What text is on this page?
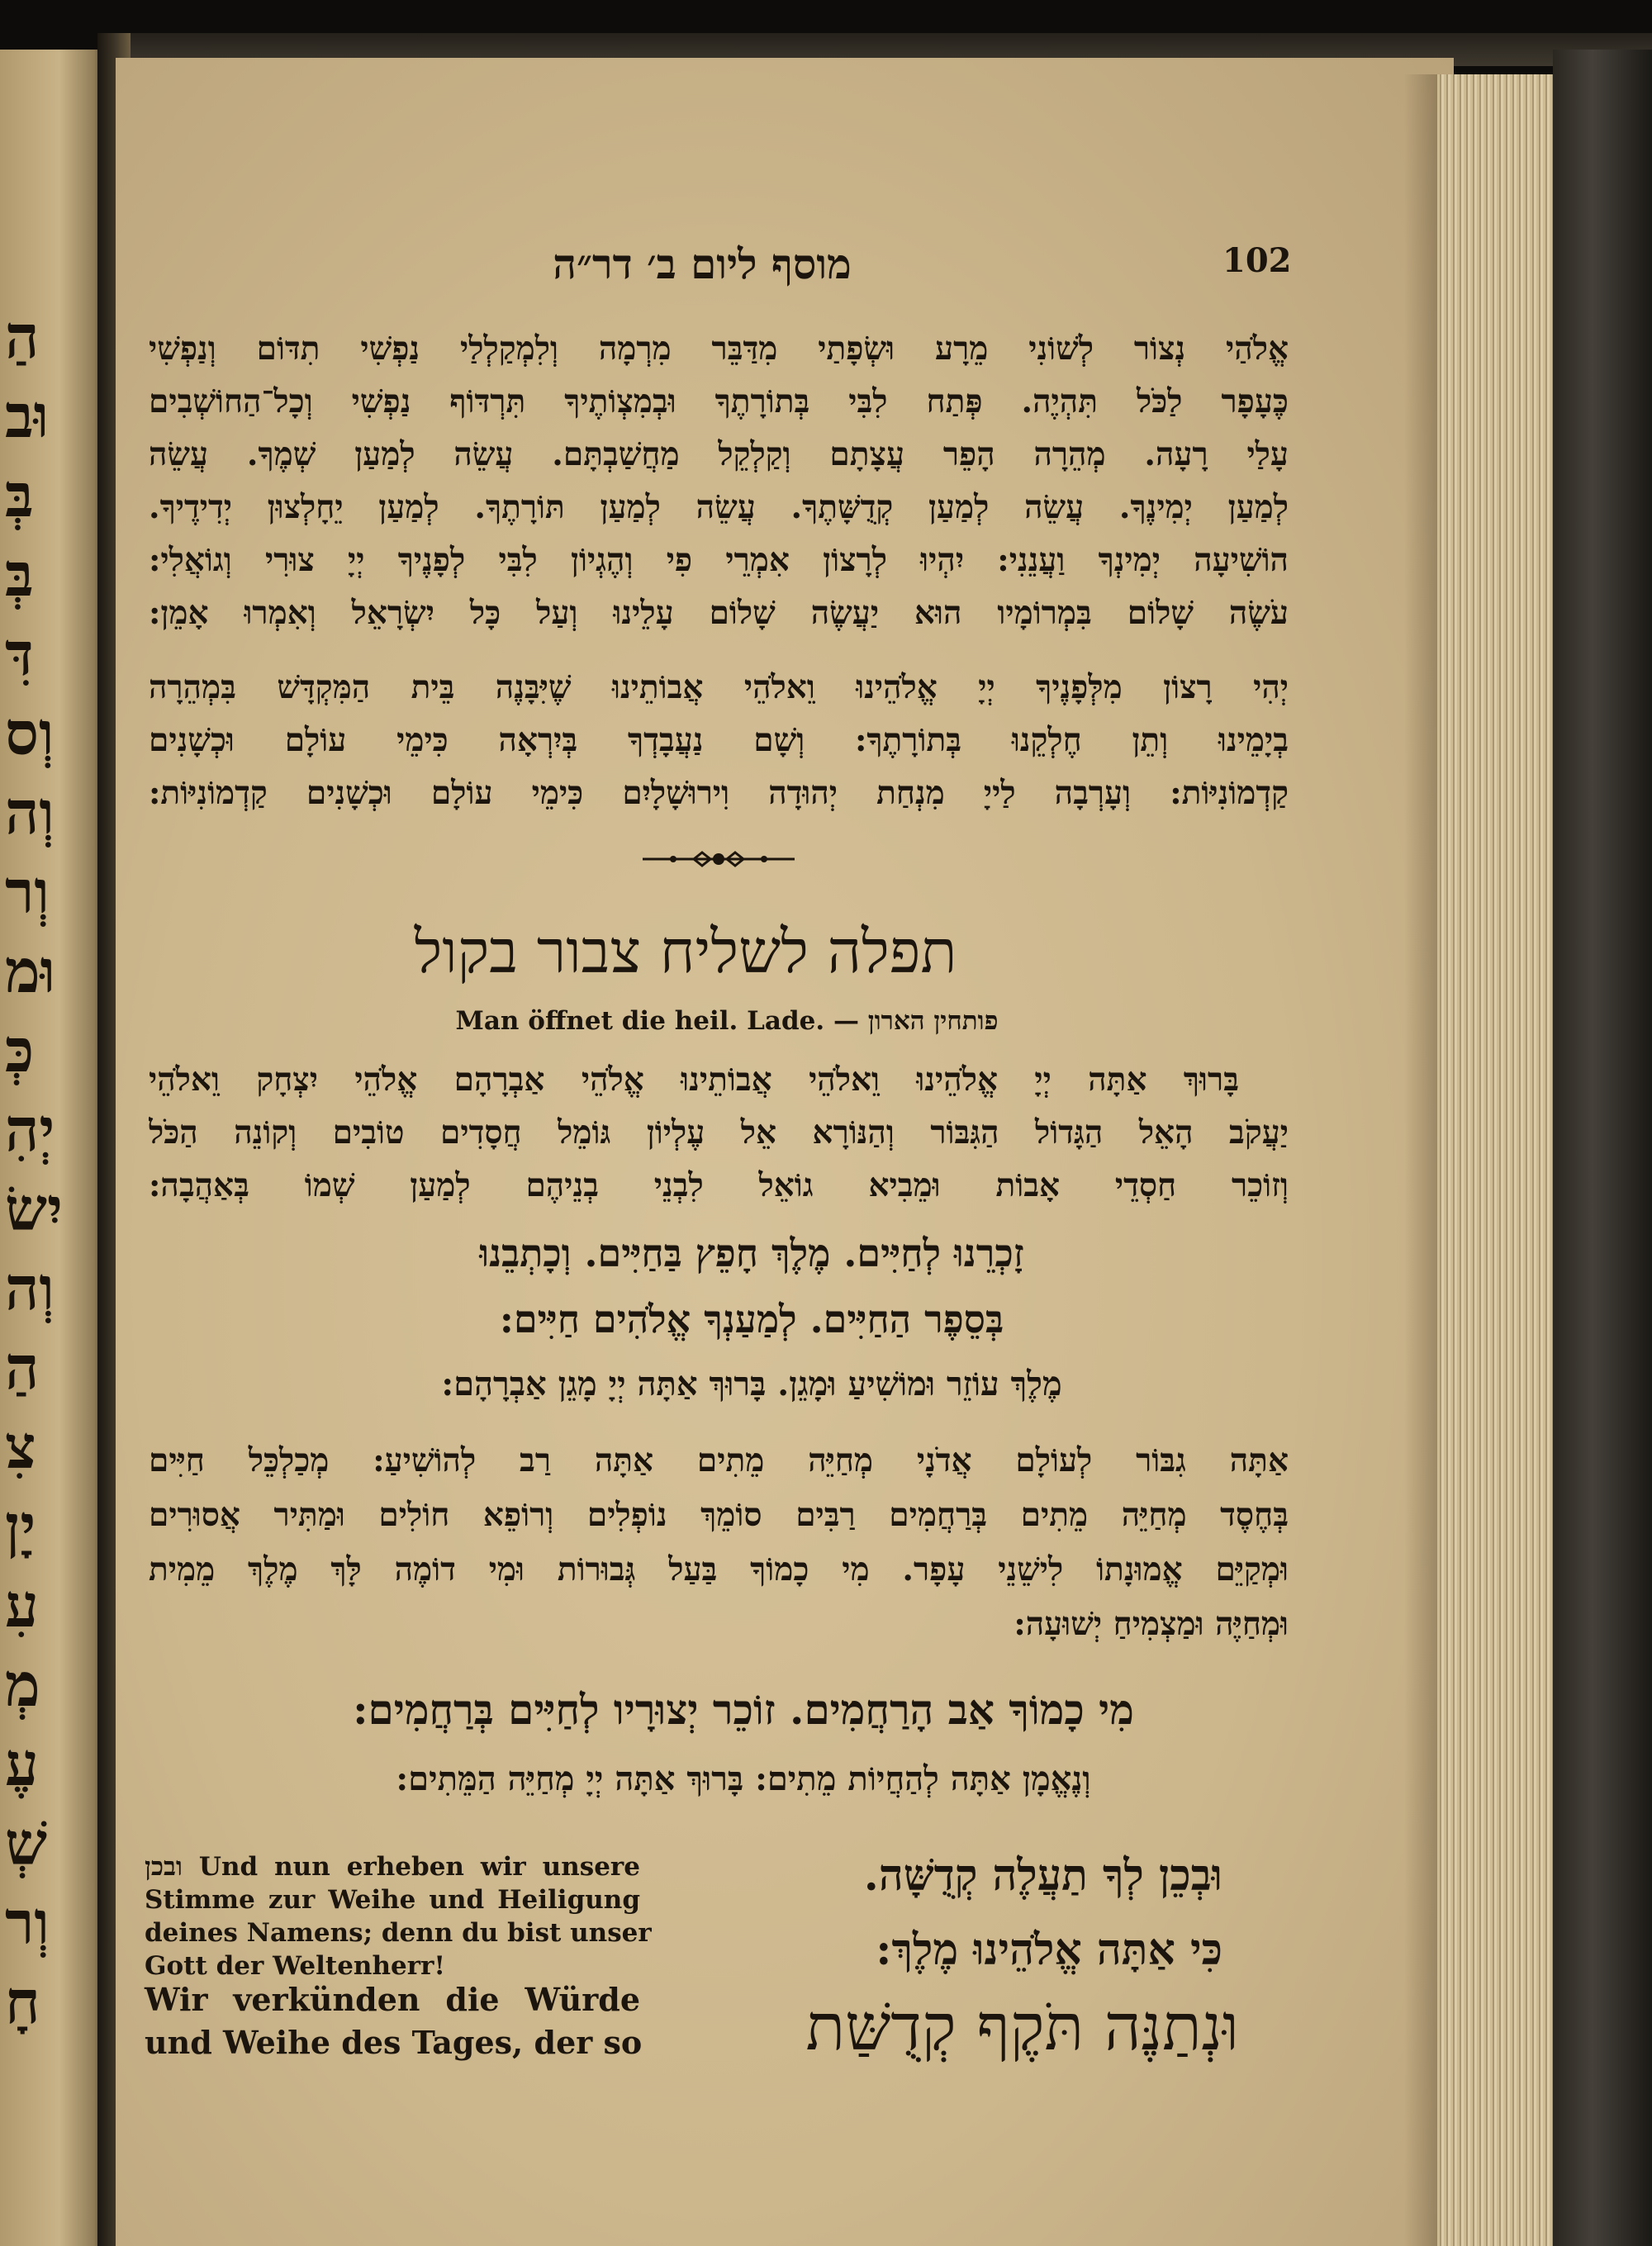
הַ
וּב
בְּ
בְּ
דִּ
וְס
וְה
וְר
וּמ
כְּ
יְהִ
יִשׂ
וְה
הַ
צִ
יָן
עִ
מְ
עֶ
שְׁ
וְר
חָ
102
מוסף ליום ב׳ דר״ה
אֱלֹהַי נְצוֹר לְשׁוֹנִי מֵרָע וּשְׂפָתַי מִדַּבֵּר מִרְמָה וְלִמְקַלְלַי נַפְשִׁי תִדּוֹם וְנַפְשִׁי
כֶּעָפָר לַכֹּל תִּהְיֶה. פְּתַח לִבִּי בְּתוֹרָתֶךָ וּבְמִצְוֹתֶיךָ תִּרְדּוֹף נַפְשִׁי וְכָל־הַחוֹשְׁבִים
עָלַי רָעָה. מְהֵרָה הָפֵר עֲצָתָם וְקַלְקֵל מַחֲשַׁבְתָּם. עֲשֵׂה לְמַעַן שְׁמֶךָ. עֲשֵׂה
לְמַעַן יְמִינֶךָ. עֲשֵׂה לְמַעַן קְדֻשָּׁתֶךָ. עֲשֵׂה לְמַעַן תּוֹרָתֶךָ. לְמַעַן יֵחָלְצוּן יְדִידֶיךָ.
הוֹשִׁיעָה יְמִינְךָ וַעֲנֵנִי: יִהְיוּ לְרָצוֹן אִמְרֵי פִי וְהֶגְיוֹן לִבִּי לְפָנֶיךָ יְיָ צוּרִי וְגוֹאֲלִי:
עֹשֶׂה שָׁלוֹם בִּמְרוֹמָיו הוּא יַעֲשֶׂה שָׁלוֹם עָלֵינוּ וְעַל כָּל יִשְׂרָאֵל וְאִמְרוּ אָמֵן:
יְהִי רָצוֹן מִלְּפָנֶיךָ יְיָ אֱלֹהֵינוּ וֵאלֹהֵי אֲבוֹתֵינוּ שֶׁיִּבָּנֶה בֵּית הַמִּקְדָּשׁ בִּמְהֵרָה
בְיָמֵינוּ וְתֵן חֶלְקֵנוּ בְּתוֹרָתֶךָ: וְשָׁם נַעֲבָדְךָ בְּיִרְאָה כִּימֵי עוֹלָם וּכְשָׁנִים
קַדְמוֹנִיּוֹת: וְעָרְבָה לַייָ מִנְחַת יְהוּדָה וִירוּשָׁלָיִם כִּימֵי עוֹלָם וּכְשָׁנִים קַדְמוֹנִיּוֹת:
תפלה לשליח צבור בקול
Man öffnet die heil. Lade. — פותחין הארון
בָּרוּךְ אַתָּה יְיָ אֱלֹהֵינוּ וֵאלֹהֵי אֲבוֹתֵינוּ אֱלֹהֵי אַבְרָהָם אֱלֹהֵי יִצְחָק וֵאלֹהֵי
יַעֲקֹב הָאֵל הַגָּדוֹל הַגִּבּוֹר וְהַנּוֹרָא אֵל עֶלְיוֹן גּוֹמֵל חֲסָדִים טוֹבִים וְקוֹנֵה הַכֹּל
וְזוֹכֵר חַסְדֵי אָבוֹת וּמֵבִיא גוֹאֵל לִבְנֵי בְנֵיהֶם לְמַעַן שְׁמוֹ בְּאַהֲבָה:
זָכְרֵנוּ לְחַיִּים. מֶלֶךְ חָפֵץ בַּחַיִּים. וְכָתְבֵנוּ
בְּסֵפֶר הַחַיִּים. לְמַעַנְךָ אֱלֹהִים חַיִּים:
מֶלֶךְ עוֹזֵר וּמוֹשִׁיעַ וּמָגֵן. בָּרוּךְ אַתָּה יְיָ מָגֵן אַבְרָהָם:
אַתָּה גִבּוֹר לְעוֹלָם אֲדֹנָי מְחַיֵּה מֵתִים אַתָּה רַב לְהוֹשִׁיעַ: מְכַלְכֵּל חַיִּים
בְּחֶסֶד מְחַיֵּה מֵתִים בְּרַחֲמִים רַבִּים סוֹמֵךְ נוֹפְלִים וְרוֹפֵא חוֹלִים וּמַתִּיר אֲסוּרִים
וּמְקַיֵּם אֱמוּנָתוֹ לִישֵׁנֵי עָפָר. מִי כָמוֹךָ בַּעַל גְּבוּרוֹת וּמִי דוֹמֶה לָּךְ מֶלֶךְ מֵמִית
וּמְחַיֶּה וּמַצְמִיחַ יְשׁוּעָה:
מִי כָמוֹךָ אַב הָרַחֲמִים. זוֹכֵר יְצוּרָיו לְחַיִּים בְּרַחֲמִים:
וְנֶאֱמָן אַתָּה לְהַחֲיוֹת מֵתִים: בָּרוּךְ אַתָּה יְיָ מְחַיֵּה הַמֵּתִים:
וּבְכֵן לְךָ תַעֲלֶה קְדֻשָּׁה.
כִּי אַתָּה אֱלֹהֵינוּ מֶלֶךְ:
וּנְתַנֶּה תֹּקֶף קְדֻשַּׁת
ובכן Und nun erheben wir unsere
Stimme zur Weihe und Heiligung
deines Namens; denn du bist unser
Gott der Weltenherr!
Wir verkünden die Würde
und Weihe des Tages, der so
